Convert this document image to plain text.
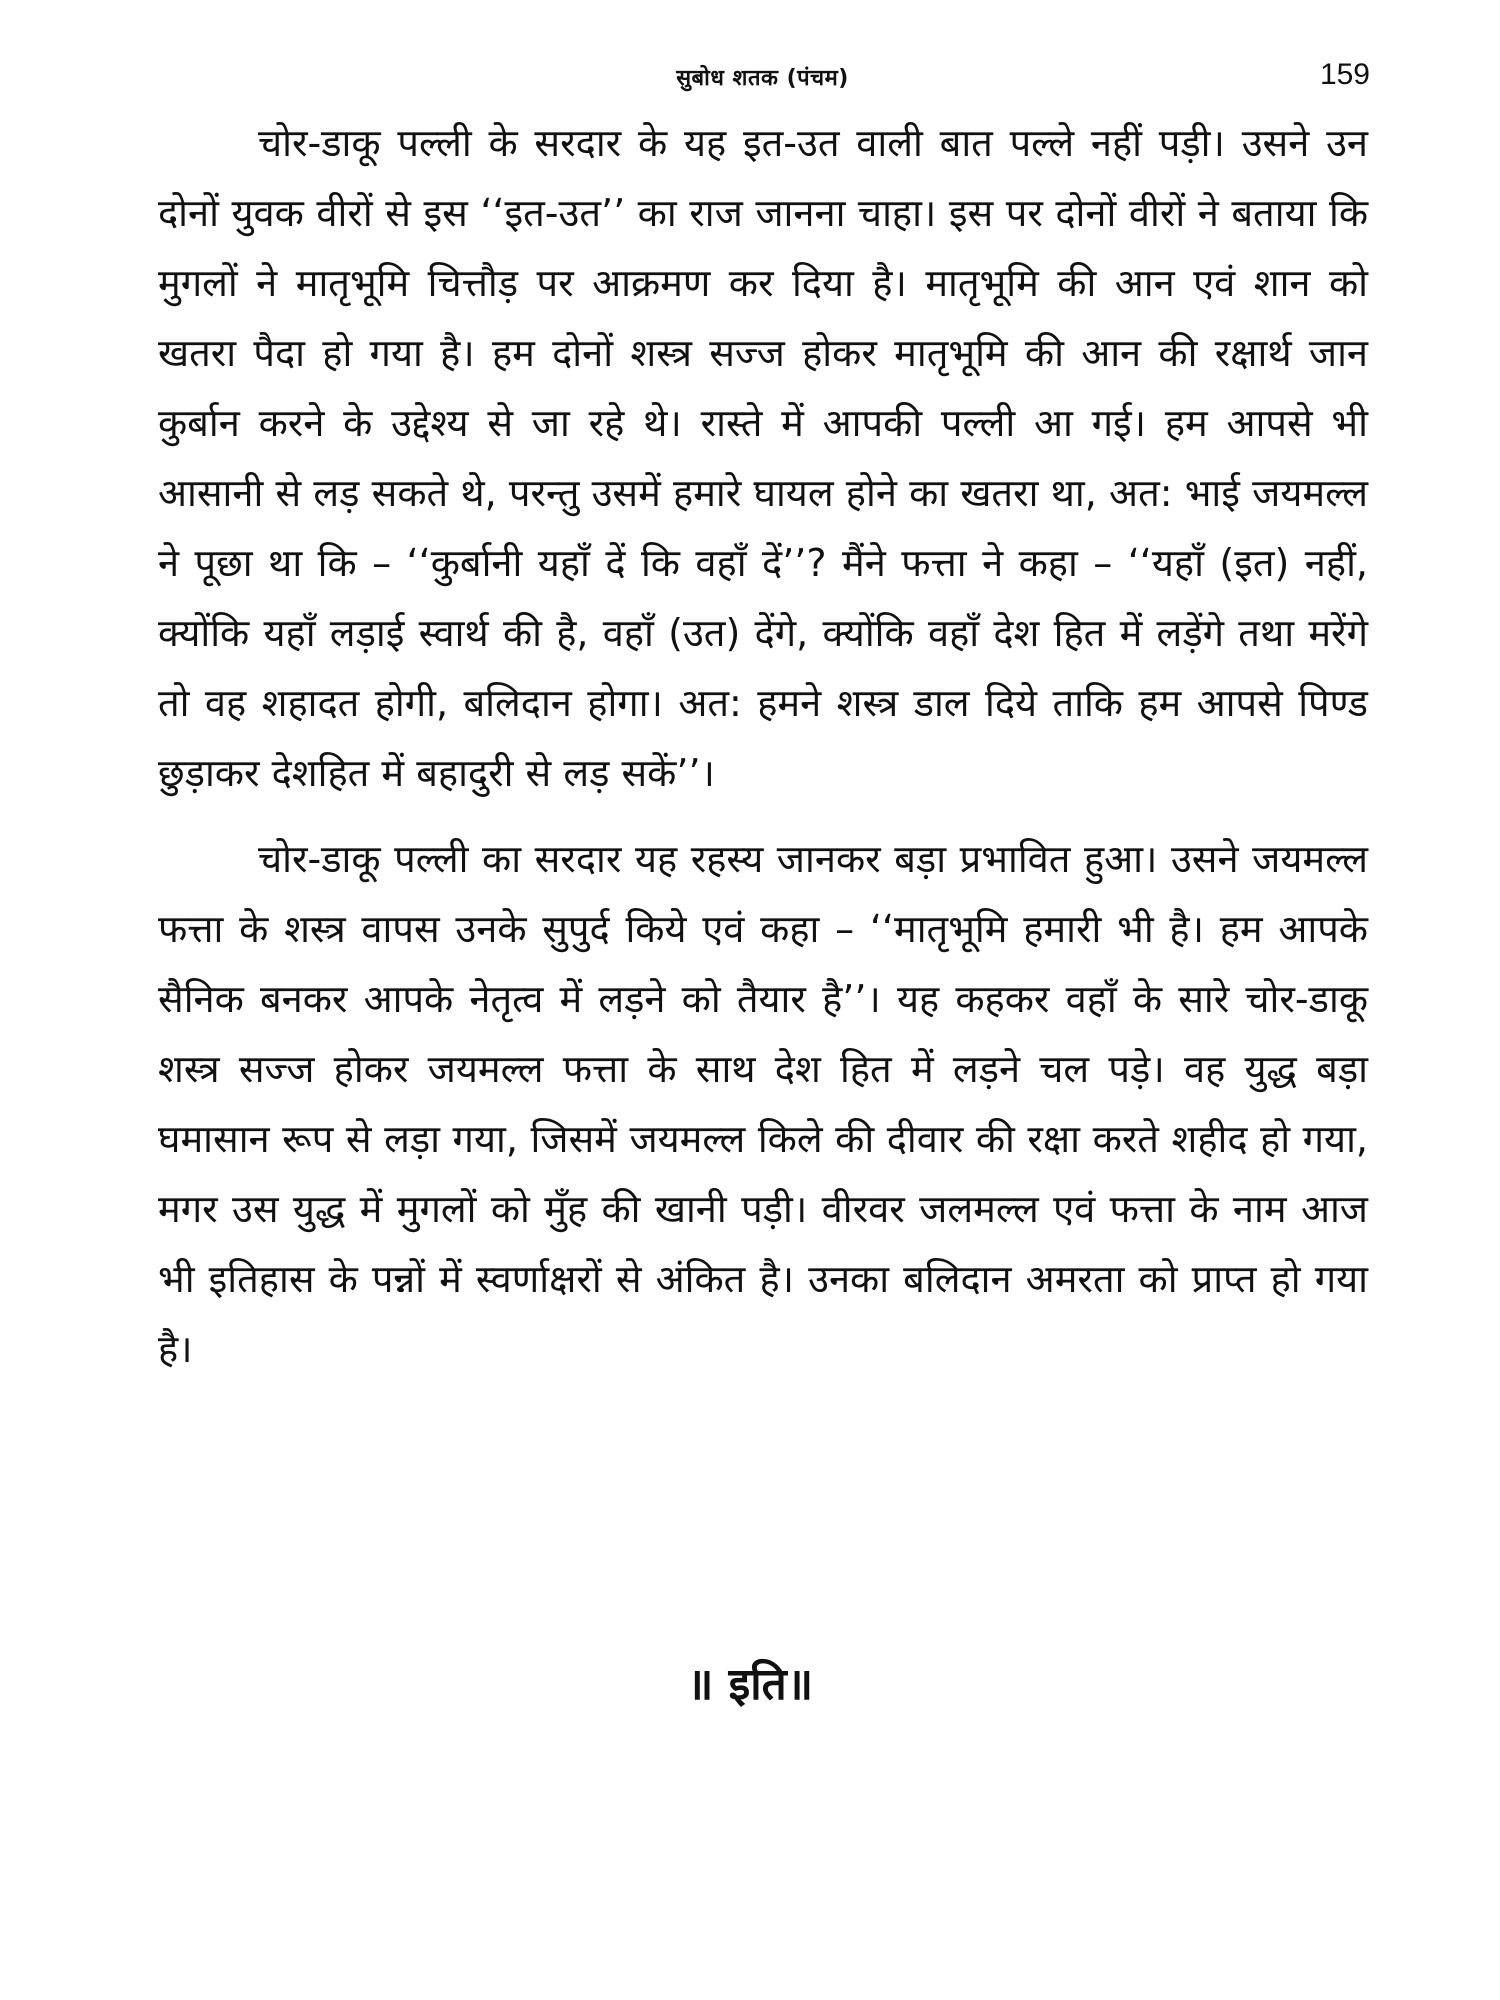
सुबोध शतक (पंचम)	159

चोर-डाकू पल्ली के सरदार के यह इत-उत वाली बात पल्ले नहीं पड़ी। उसने उन दोनों युवक वीरों से इस ‘‘इत-उत’’ का राज जानना चाहा। इस पर दोनों वीरों ने बताया कि मुगलों ने मातृभूमि चित्तौड़ पर आक्रमण कर दिया है। मातृभूमि की आन एवं शान को खतरा पैदा हो गया है। हम दोनों शस्त्र सज्ज होकर मातृभूमि की आन की रक्षार्थ जान कुर्बान करने के उद्देश्य से जा रहे थे। रास्ते में आपकी पल्ली आ गई। हम आपसे भी आसानी से लड़ सकते थे, परन्तु उसमें हमारे घायल होने का खतरा था, अत: भाई जयमल्ल ने पूछा था कि – ‘‘कुर्बानी यहाँ दें कि वहाँ दें’’? मैंने फत्ता ने कहा – ‘‘यहाँ (इत) नहीं, क्योंकि यहाँ लड़ाई स्वार्थ की है, वहाँ (उत) देंगे, क्योंकि वहाँ देश हित में लड़ेंगे तथा मरेंगे तो वह शहादत होगी, बलिदान होगा। अत: हमने शस्त्र डाल दिये ताकि हम आपसे पिण्ड छुड़ाकर देशहित में बहादुरी से लड़ सकें’’।

चोर-डाकू पल्ली का सरदार यह रहस्य जानकर बड़ा प्रभावित हुआ। उसने जयमल्ल फत्ता के शस्त्र वापस उनके सुपुर्द किये एवं कहा – ‘‘मातृभूमि हमारी भी है। हम आपके सैनिक बनकर आपके नेतृत्व में लड़ने को तैयार है’’। यह कहकर वहाँ के सारे चोर-डाकू शस्त्र सज्ज होकर जयमल्ल फत्ता के साथ देश हित में लड़ने चल पड़े। वह युद्ध बड़ा घमासान रूप से लड़ा गया, जिसमें जयमल्ल किले की दीवार की रक्षा करते शहीद हो गया, मगर उस युद्ध में मुगलों को मुँह की खानी पड़ी। वीरवर जलमल्ल एवं फत्ता के नाम आज भी इतिहास के पन्नों में स्वर्णाक्षरों से अंकित है। उनका बलिदान अमरता को प्राप्त हो गया है।

॥ इति॥
